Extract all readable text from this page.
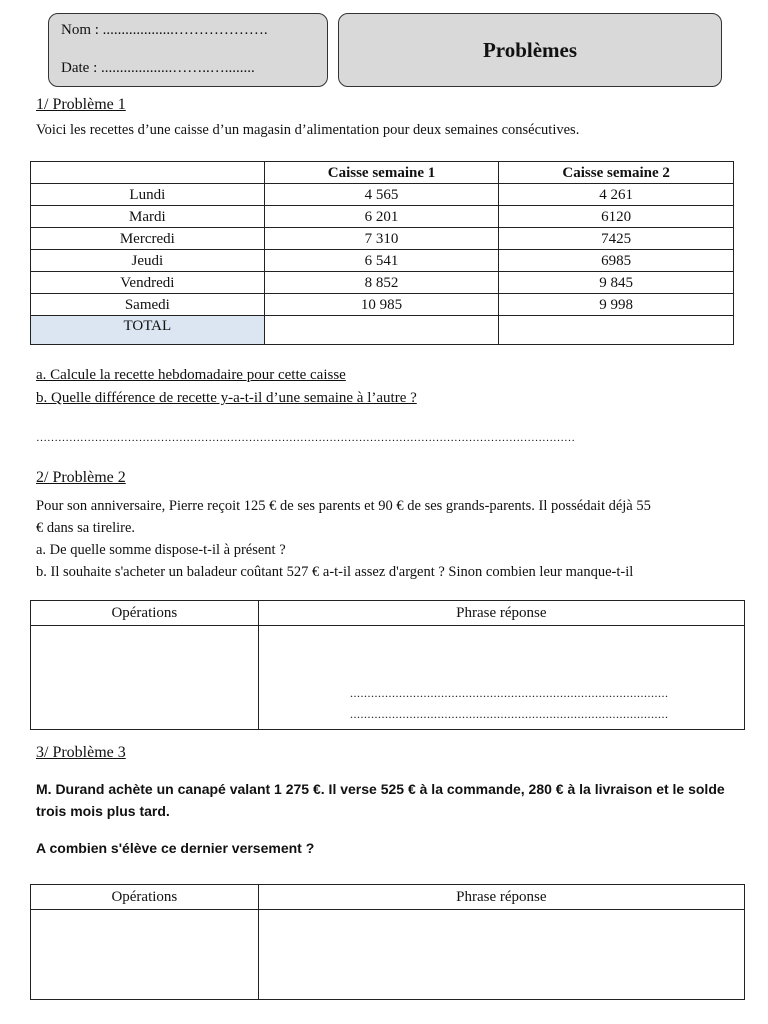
Nom : ...................……………….
Date : ...................……..…........
Problèmes
1/ Problème 1
Voici les recettes d’une caisse d’un magasin d’alimentation pour deux semaines consécutives.
	Caisse semaine 1	Caisse semaine 2
Lundi	4 565	4 261
Mardi	6 201	6120
Mercredi	7 310	7425
Jeudi	6 541	6985
Vendredi	8 852	9 845
Samedi	10 985	9 998
TOTAL		
a. Calcule la recette hebdomadaire pour cette caisse
b. Quelle différence de recette y-a-t-il d’une semaine à l’autre ?
…………………………………………………………………………………………………………………………………
2/ Problème 2
Pour son anniversaire, Pierre reçoit 125 € de ses parents et 90 € de ses grands-parents. Il possédait déjà 55
€ dans sa tirelire.
a. De quelle somme dispose-t-il à présent ?
b. Il souhaite s'acheter un baladeur coûtant 527 € a-t-il assez d'argent ? Sinon combien leur manque-t-il
Opérations	Phrase réponse

...........................................................................................
...........................................................................................
3/ Problème 3
M. Durand achète un canapé valant 1 275 €. Il verse 525 € à la commande, 280 € à la livraison et le solde
trois mois plus tard.
A combien s'élève ce dernier versement ?
Opérations	Phrase réponse
